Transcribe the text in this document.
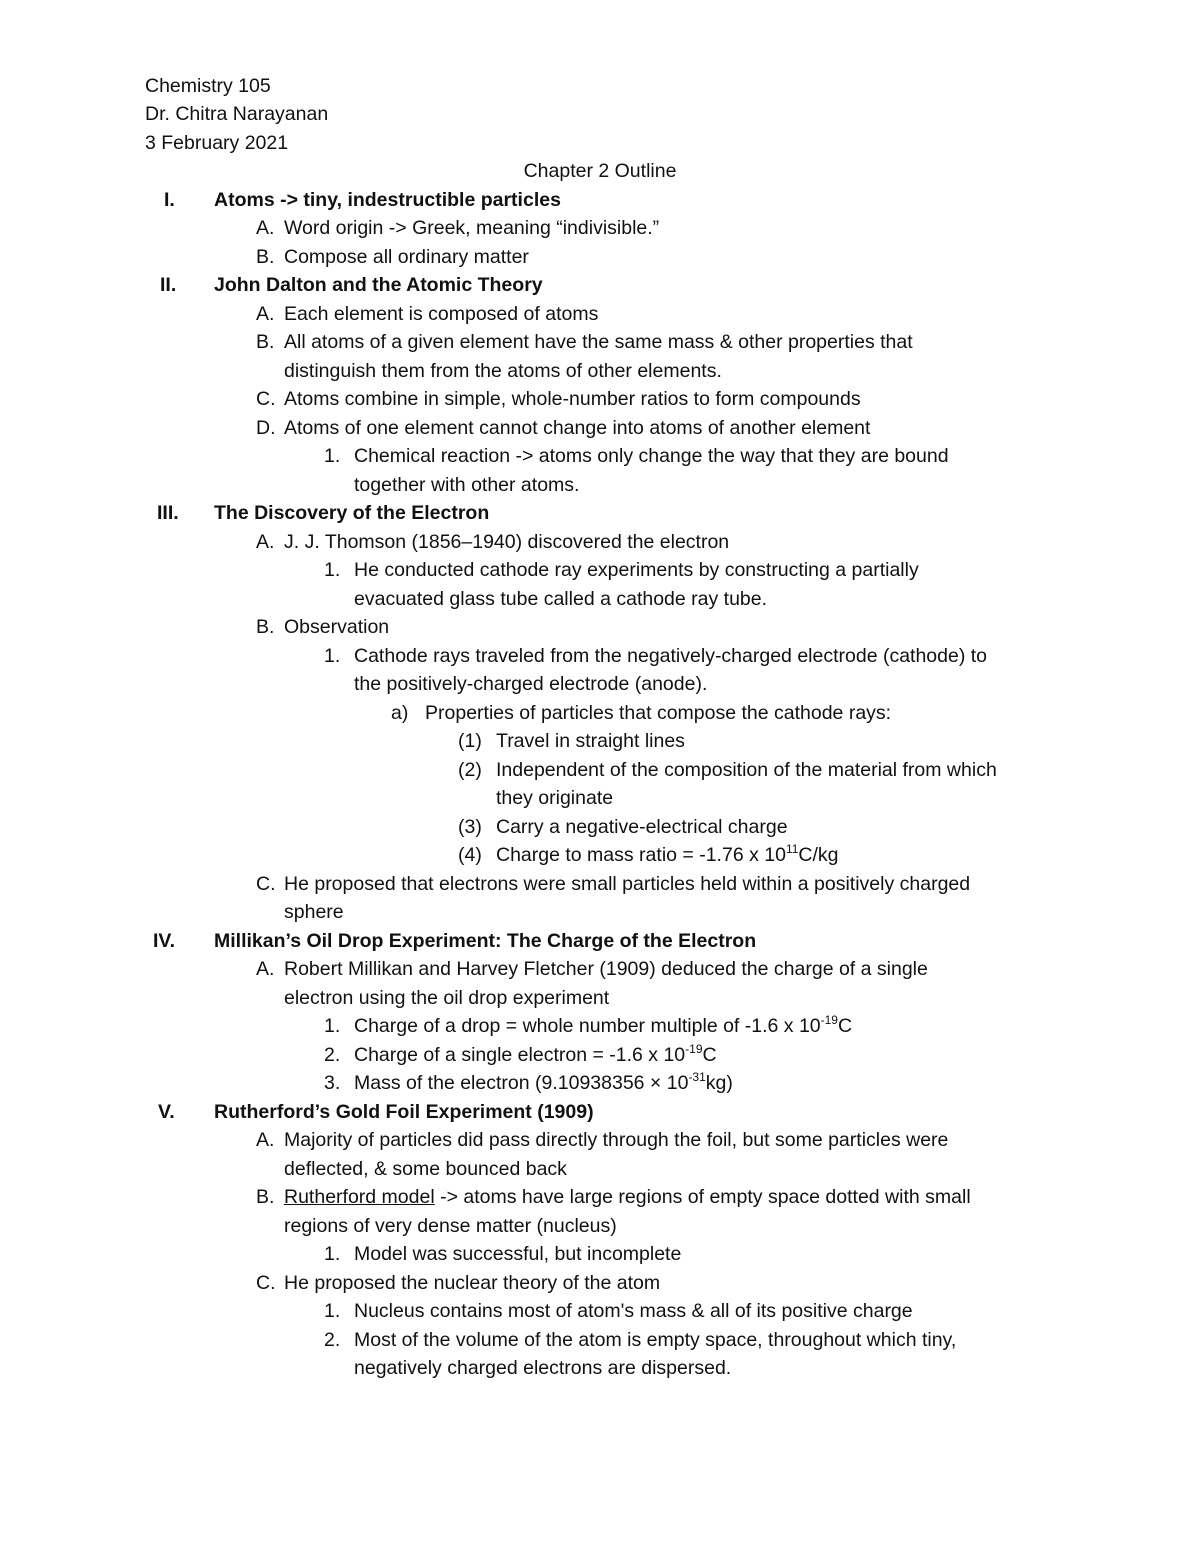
Chemistry 105
Dr. Chitra Narayanan
3 February 2021
Chapter 2 Outline
I. Atoms -> tiny, indestructible particles
A. Word origin -> Greek, meaning “indivisible.”
B. Compose all ordinary matter
II. John Dalton and the Atomic Theory
A. Each element is composed of atoms
B. All atoms of a given element have the same mass & other properties that
distinguish them from the atoms of other elements.
C. Atoms combine in simple, whole-number ratios to form compounds
D. Atoms of one element cannot change into atoms of another element
1. Chemical reaction -> atoms only change the way that they are bound
together with other atoms.
III. The Discovery of the Electron
A. J. J. Thomson (1856–1940) discovered the electron
1. He conducted cathode ray experiments by constructing a partially
evacuated glass tube called a cathode ray tube.
B. Observation
1. Cathode rays traveled from the negatively-charged electrode (cathode) to
the positively-charged electrode (anode).
a) Properties of particles that compose the cathode rays:
(1) Travel in straight lines
(2) Independent of the composition of the material from which
they originate
(3) Carry a negative-electrical charge
(4) Charge to mass ratio = -1.76 x $10^{11}C/kg$
C. He proposed that electrons were small particles held within a positively charged
sphere
IV. Millikan’s Oil Drop Experiment: The Charge of the Electron
A. Robert Millikan and Harvey Fletcher (1909) deduced the charge of a single
electron using the oil drop experiment
1. Charge of a drop = whole number multiple of -1.6 x $10^{-19}C$
2. Charge of a single electron = -1.6 x $10^{-19}C$
3. Mass of the electron $(9.10938356 \times 10^{-31}kg)$
V. Rutherford’s Gold Foil Experiment (1909)
A. Majority of particles did pass directly through the foil, but some particles were
deflected, & some bounced back
B. Rutherford model -> atoms have large regions of empty space dotted with small
regions of very dense matter (nucleus)
1. Model was successful, but incomplete
C. He proposed the nuclear theory of the atom
1. Nucleus contains most of atom's mass & all of its positive charge
2. Most of the volume of the atom is empty space, throughout which tiny,
negatively charged electrons are dispersed.
